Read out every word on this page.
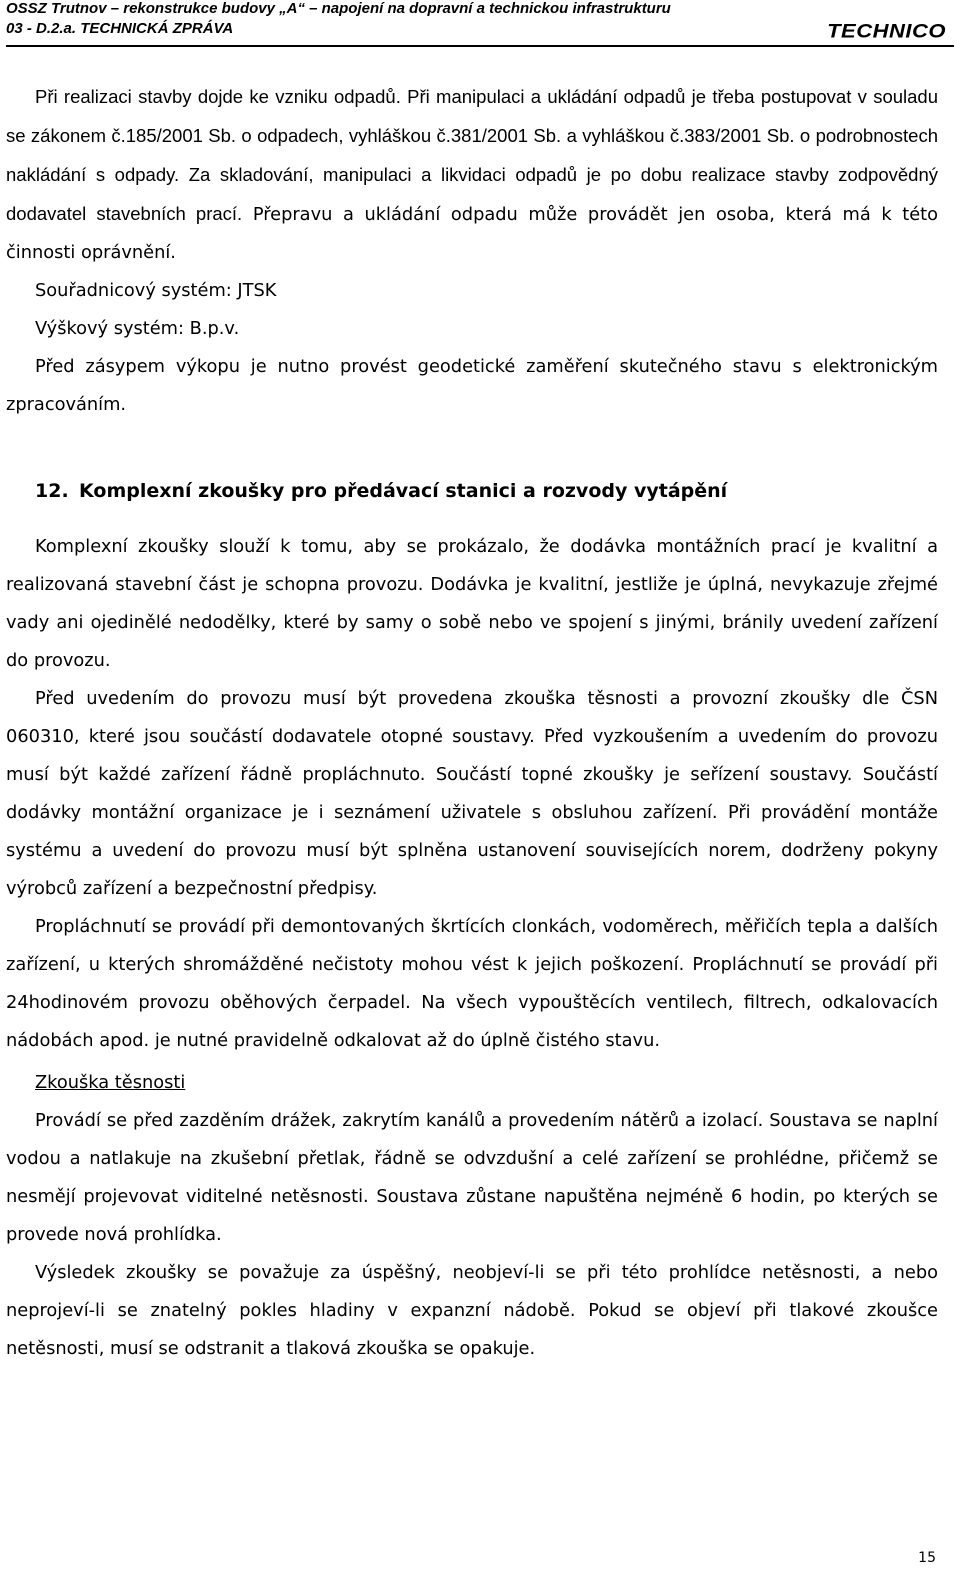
OSSZ Trutnov – rekonstrukce budovy „A“ – napojení na dopravní a technickou infrastrukturu
03 - D.2.a. TECHNICKÁ ZPRÁVA	TECHNICO

Při realizaci stavby dojde ke vzniku odpadů. Při manipulaci a ukládání odpadů je třeba postupovat v souladu se zákonem č.185/2001 Sb. o odpadech, vyhláškou č.381/2001 Sb. a vyhláškou č.383/2001 Sb. o podrobnostech nakládání s odpady. Za skladování, manipulaci a likvidaci odpadů je po dobu realizace stavby zodpovědný dodavatel stavebních prací. Přepravu a ukládání odpadu může provádět jen osoba, která má k této činnosti oprávnění.

Souřadnicový systém: JTSK

Výškový systém: B.p.v.

Před zásypem výkopu je nutno provést geodetické zaměření skutečného stavu s elektronickým zpracováním.

12. Komplexní zkoušky pro předávací stanici a rozvody vytápění

Komplexní zkoušky slouží k tomu, aby se prokázalo, že dodávka montážních prací je kvalitní a realizovaná stavební část je schopna provozu. Dodávka je kvalitní, jestliže je úplná, nevykazuje zřejmé vady ani ojedinělé nedodělky, které by samy o sobě nebo ve spojení s jinými, bránily uvedení zařízení do provozu.

Před uvedením do provozu musí být provedena zkouška těsnosti a provozní zkoušky dle ČSN 060310, které jsou součástí dodavatele otopné soustavy. Před vyzkoušením a uvedením do provozu musí být každé zařízení řádně propláchnuto. Součástí topné zkoušky je seřízení soustavy. Součástí dodávky montážní organizace je i seznámení uživatele s obsluhou zařízení. Při provádění montáže systému a uvedení do provozu musí být splněna ustanovení souvisejících norem, dodrženy pokyny výrobců zařízení a bezpečnostní předpisy.

Propláchnutí se provádí při demontovaných škrtících clonkách, vodoměrech, měřičích tepla a dalších zařízení, u kterých shromážděné nečistoty mohou vést k jejich poškození. Propláchnutí se provádí při 24hodinovém provozu oběhových čerpadel. Na všech vypouštěcích ventilech, filtrech, odkalovacích nádobách apod. je nutné pravidelně odkalovat až do úplně čistého stavu.

Zkouška těsnosti

Provádí se před zazděním drážek, zakrytím kanálů a provedením nátěrů a izolací. Soustava se naplní vodou a natlakuje na zkušební přetlak, řádně se odvzdušní a celé zařízení se prohlédne, přičemž se nesmějí projevovat viditelné netěsnosti. Soustava zůstane napuštěna nejméně 6 hodin, po kterých se provede nová prohlídka.

Výsledek zkoušky se považuje za úspěšný, neobjeví-li se při této prohlídce netěsnosti, a nebo neprojeví-li se znatelný pokles hladiny v expanzní nádobě. Pokud se objeví při tlakové zkoušce netěsnosti, musí se odstranit a tlaková zkouška se opakuje.

15
